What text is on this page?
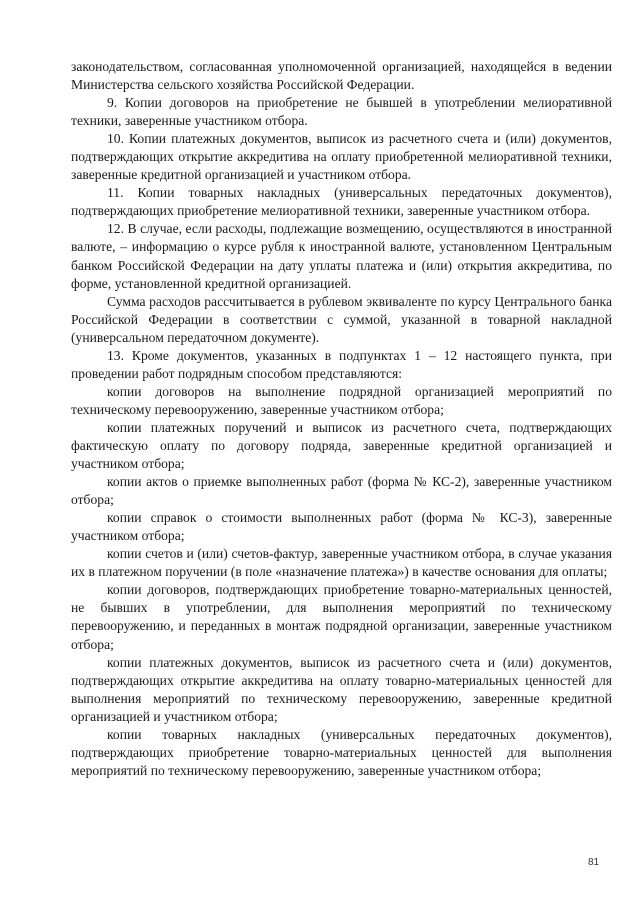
законодательством, согласованная уполномоченной организацией, находящейся в ведении Министерства сельского хозяйства Российской Федерации.

9. Копии договоров на приобретение не бывшей в употреблении мелиоративной техники, заверенные участником отбора.

10. Копии платежных документов, выписок из расчетного счета и (или) документов, подтверждающих открытие аккредитива на оплату приобретенной мелиоративной техники, заверенные кредитной организацией и участником отбора.

11. Копии товарных накладных (универсальных передаточных документов), подтверждающих приобретение мелиоративной техники, заверенные участником отбора.

12. В случае, если расходы, подлежащие возмещению, осуществляются в иностранной валюте, – информацию о курсе рубля к иностранной валюте, установленном Центральным банком Российской Федерации на дату уплаты платежа и (или) открытия аккредитива, по форме, установленной кредитной организацией.

Сумма расходов рассчитывается в рублевом эквиваленте по курсу Центрального банка Российской Федерации в соответствии с суммой, указанной в товарной накладной (универсальном передаточном документе).

13. Кроме документов, указанных в подпунктах 1 – 12 настоящего пункта, при проведении работ подрядным способом представляются:

копии договоров на выполнение подрядной организацией мероприятий по техническому перевооружению, заверенные участником отбора;

копии платежных поручений и выписок из расчетного счета, подтверждающих фактическую оплату по договору подряда, заверенные кредитной организацией и участником отбора;

копии актов о приемке выполненных работ (форма № КС-2), заверенные участником отбора;

копии справок о стоимости выполненных работ (форма № КС-3), заверенные участником отбора;

копии счетов и (или) счетов-фактур, заверенные участником отбора, в случае указания их в платежном поручении (в поле «назначение платежа») в качестве основания для оплаты;

копии договоров, подтверждающих приобретение товарно-материальных ценностей, не бывших в употреблении, для выполнения мероприятий по техническому перевооружению, и переданных в монтаж подрядной организации, заверенные участником отбора;

копии платежных документов, выписок из расчетного счета и (или) документов, подтверждающих открытие аккредитива на оплату товарно-материальных ценностей для выполнения мероприятий по техническому перевооружению, заверенные кредитной организацией и участником отбора;

копии товарных накладных (универсальных передаточных документов), подтверждающих приобретение товарно-материальных ценностей для выполнения мероприятий по техническому перевооружению, заверенные участником отбора;

81
